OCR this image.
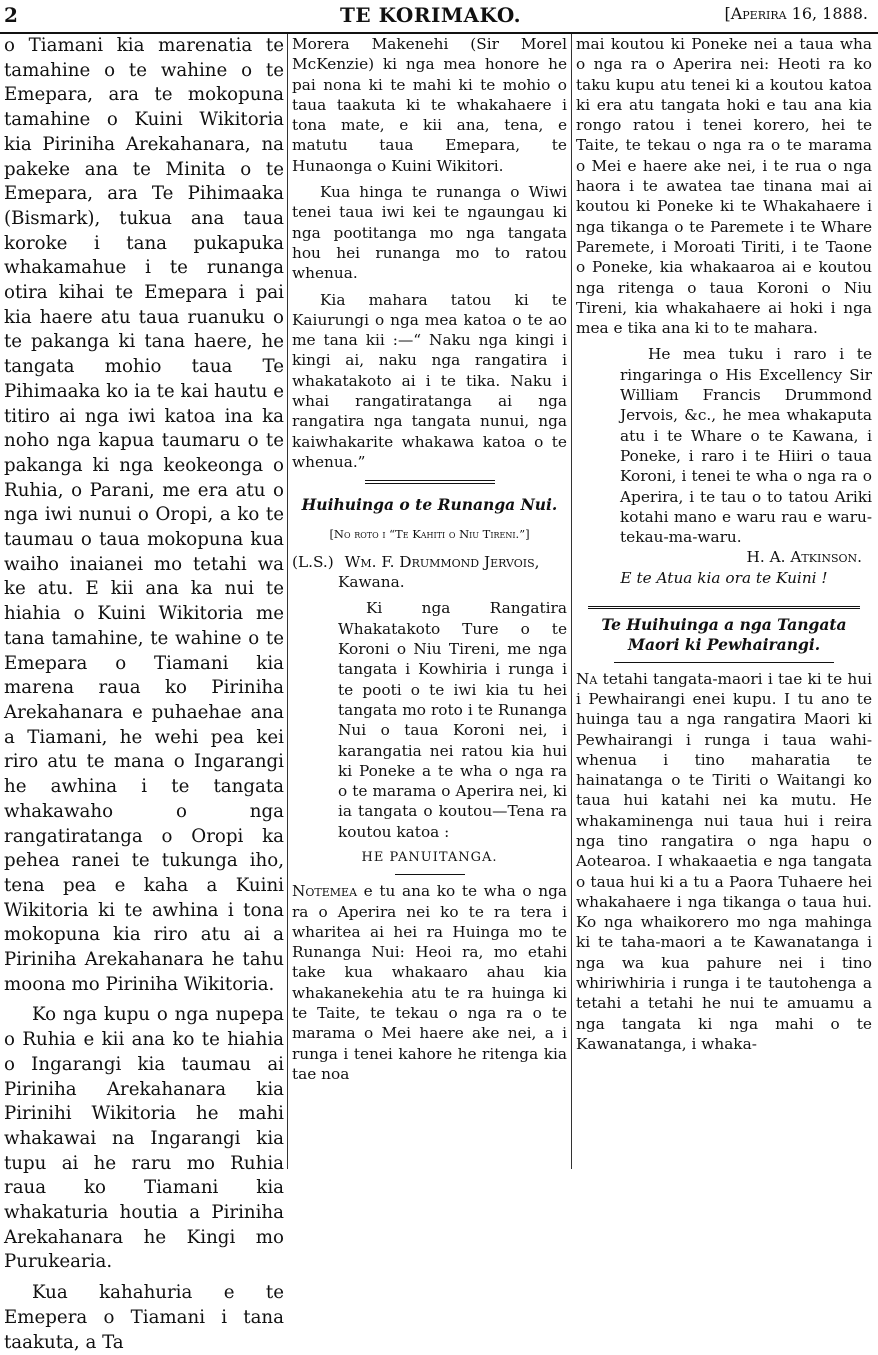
2	TE KORIMAKO.	[Aperira 16, 1888.

o Tiamani kia marenatia te tamahine o te wahine o te Emepara, ara te mokopuna tamahine o Kuini Wikitoria kia Piriniha Arekahanara, na pakeke ana te Minita o te Emepara, ara Te Pihimaaka (Bismark), tukua ana taua koroke i tana pukapuka whakamahue i te runanga otira kihai te Emepara i pai kia haere atu taua ruanuku o te pakanga ki tana haere, he tangata mohio taua Te Pihimaaka ko ia te kai hautu e titiro ai nga iwi katoa ina ka noho nga kapua taumaru o te pakanga ki nga keokeonga o Ruhia, o Parani, me era atu o nga iwi nunui o Oropi, a ko te taumau o taua mokopuna kua waiho inaianei mo tetahi wa ke atu. E kii ana ka nui te hiahia o Kuini Wikitoria me tana tamahine, te wahine o te Emepara o Tiamani kia marena raua ko Piriniha Arekahanara e puhaehae ana a Tiamani, he wehi pea kei riro atu te mana o Ingarangi he awhina i te tangata whakawaho o nga rangatiratanga o Oropi ka pehea ranei te tukunga iho, tena pea e kaha a Kuini Wikitoria ki te awhina i tona mokopuna kia riro atu ai a Piriniha Arekahanara he tahu moona mo Piriniha Wikitoria.

Ko nga kupu o nga nupepa o Ruhia e kii ana ko te hiahia o Ingarangi kia taumau ai Piriniha Arekahanara kia Pirinihi Wikitoria he mahi whakawai na Ingarangi kia tupu ai he raru mo Ruhia raua ko Tiamani kia whakaturia houtia a Piriniha Arekahanara he Kingi mo Purukearia.

Kua kahahuria e te Emepera o Tiamani i tana taakuta, a Ta

Morera Makenehi (Sir Morel McKenzie) ki nga mea honore he pai nona ki te mahi ki te mohio o taua taakuta ki te whakahaere i tona mate, e kii ana, tena, e matutu taua Emepara, te Hunaonga o Kuini Wikitori.

Kua hinga te runanga o Wiwi tenei taua iwi kei te ngaungau ki nga pootitanga mo nga tangata hou hei runanga mo to ratou whenua.

Kia mahara tatou ki te Kaiurungi o nga mea katoa o te ao me tana kii :—“ Naku nga kingi i kingi ai, naku nga rangatira i whakatakoto ai i te tika. Naku i whai rangatiratanga ai nga rangatira nga tangata nunui, nga kaiwhakarite whakawa katoa o te whenua.”

Huihuinga o te Runanga Nui.

[No roto i “Te Kahiti o Niu Tireni.”]

(L.S.) Wm. F. Drummond Jervois,

Kawana.

Ki nga Rangatira Whakatakoto Ture o te Koroni o Niu Tireni, me nga tangata i Kowhiria i runga i te pooti o te iwi kia tu hei tangata mo roto i te Runanga Nui o taua Koroni nei, i karangatia nei ratou kia hui ki Poneke a te wha o nga ra o te marama o Aperira nei, ki ia tangata o koutou—Tena ra koutou katoa :

HE PANUITANGA.

Notemea e tu ana ko te wha o nga ra o Aperira nei ko te ra tera i wharitea ai hei ra Huinga mo te Runanga Nui: Heoi ra, mo etahi take kua whakaaro ahau kia whakanekehia atu te ra huinga ki te Taite, te tekau o nga ra o te marama o Mei haere ake nei, a i runga i tenei kahore he ritenga kia tae noa

mai koutou ki Poneke nei a taua wha o nga ra o Aperira nei: Heoti ra ko taku kupu atu tenei ki a koutou katoa ki era atu tangata hoki e tau ana kia rongo ratou i tenei korero, hei te Taite, te tekau o nga ra o te marama o Mei e haere ake nei, i te rua o nga haora i te awatea tae tinana mai ai koutou ki Poneke ki te Whakahaere i nga tikanga o te Paremete i te Whare Paremete, i Moroati Tiriti, i te Taone o Poneke, kia whakaaroa ai e koutou nga ritenga o taua Koroni o Niu Tireni, kia whakahaere ai hoki i nga mea e tika ana ki to te mahara.

He mea tuku i raro i te ringaringa o His Excellency Sir William Francis Drummond Jervois, &c., he mea whakaputa atu i te Whare o te Kawana, i Poneke, i raro i te Hiiri o taua Koroni, i tenei te wha o nga ra o Aperira, i te tau o to tatou Ariki kotahi mano e waru rau e waru-tekau-ma-waru.

H. A. Atkinson.

E te Atua kia ora te Kuini !

Te Huihuinga a nga Tangata Maori ki Pewhairangi.

Na tetahi tangata-maori i tae ki te hui i Pewhairangi enei kupu. I tu ano te huinga tau a nga rangatira Maori ki Pewhairangi i runga i taua wahi-whenua i tino maharatia te hainatanga o te Tiriti o Waitangi ko taua hui katahi nei ka mutu. He whakaminenga nui taua hui i reira nga tino rangatira o nga hapu o Aotearoa. I whakaaetia e nga tangata o taua hui ki a tu a Paora Tuhaere hei whakahaere i nga tikanga o taua hui. Ko nga whaikorero mo nga mahinga ki te taha-maori a te Kawanatanga i nga wa kua pahure nei i tino whiriwhiria i runga i te tautohenga a tetahi a tetahi he nui te amuamu a nga tangata ki nga mahi o te Kawanatanga, i whaka-
